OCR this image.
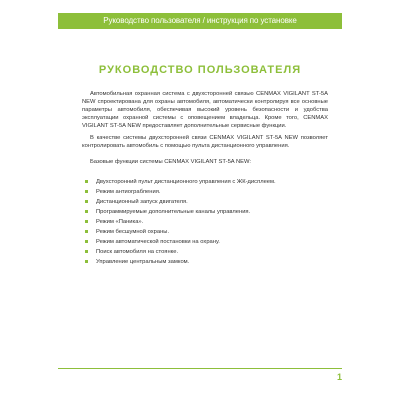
Руководство пользователя / инструкция по установке
РУКОВОДСТВО ПОЛЬЗОВАТЕЛЯ

Автомобильная охранная система с двухсторонней связью CENMAX VIGILANT ST-5A NEW спроектирована для охраны автомобиля, автоматически контролируя все основные параметры автомобиля, обеспечивая высокий уровень безопасности и удобства эксплуатации охранной системы с оповещением владельца. Кроме того, CENMAX VIGILANT ST-5A NEW предоставляет дополнительные сервисные функции.

В качестве системы двухсторонней связи CENMAX VIGILANT ST-5A NEW позволяет контролировать автомобиль с помощью пульта дистанционного управления.

Базовые функции системы CENMAX VIGILANT ST-5A NEW:
Двухсторонний пульт дистанционного управления с ЖК-дисплеем.
Режим антиограбления.
Дистанционный запуск двигателя.
Программируемые дополнительные каналы управления.
Режим «Паника».
Режим бесшумной охраны.
Режим автоматической постановки на охрану.
Поиск автомобиля на стоянке.
Управление центральным замком.
1
